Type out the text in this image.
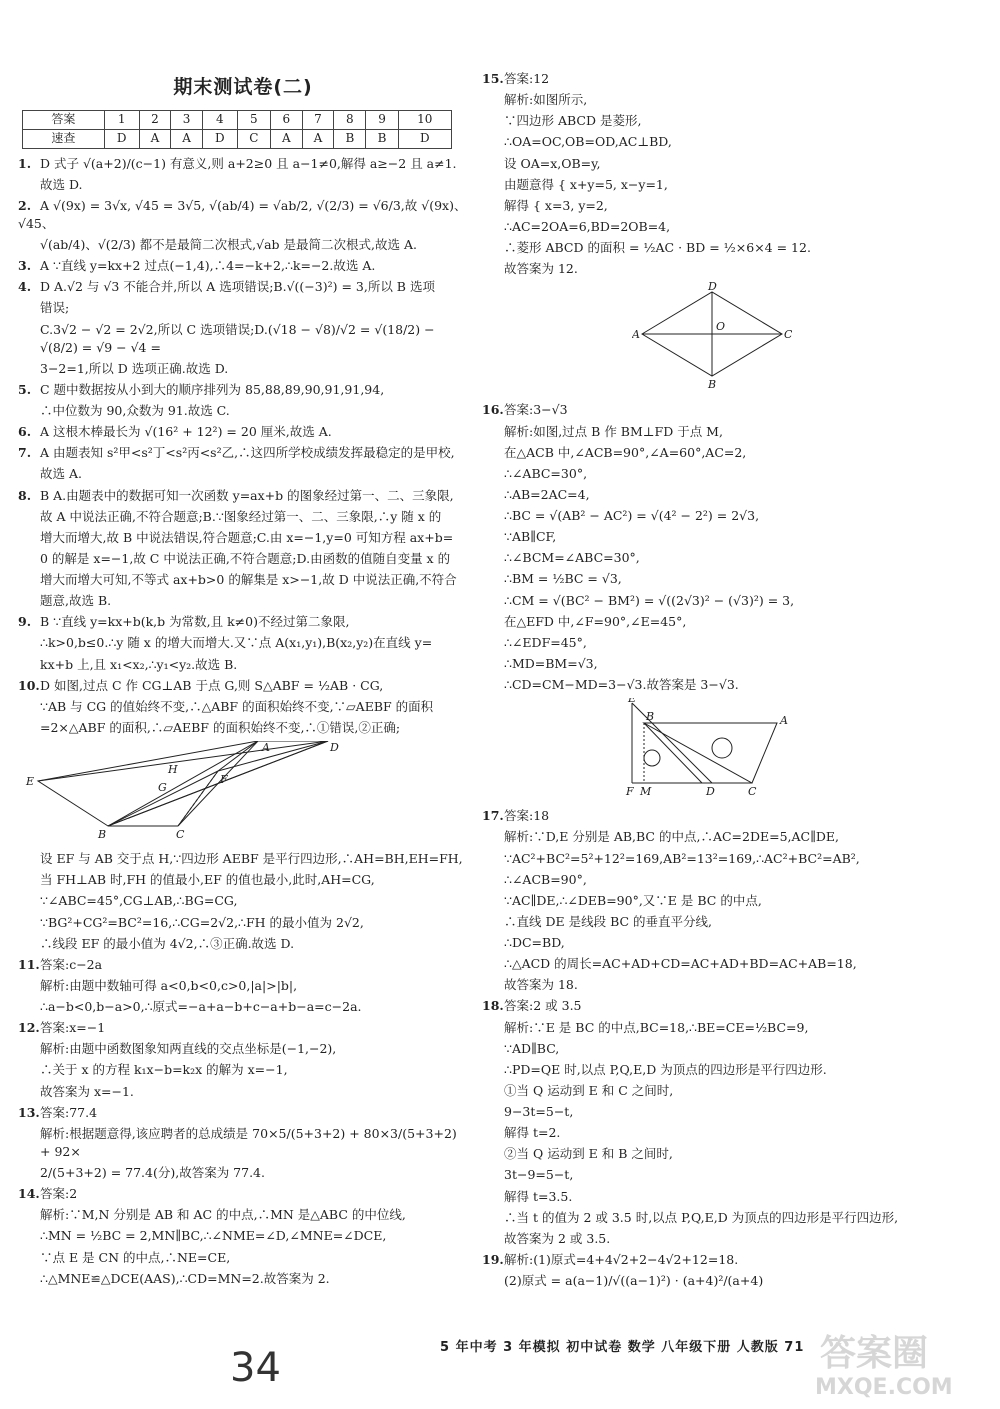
期末测试卷(二)
答案	1	2	3	4	5	6	7	8	9	10
速查	D	A	A	D	C	A	A	B	B	D
1. D 式子 √(a+2)/(c−1) 有意义,则 a+2≥0 且 a−1≠0,解得 a≥−2 且 a≠1.
故选 D.
2. A √(9x) = 3√x, √45 = 3√5, √(ab/4) = √ab/2, √(2/3) = √6/3,故 √(9x)、√45、
√(ab/4)、√(2/3) 都不是最简二次根式,√ab 是最简二次根式,故选 A.
3. A ∵直线 y=kx+2 过点(−1,4),∴4=−k+2,∴k=−2.故选 A.
4. D A.√2 与 √3 不能合并,所以 A 选项错误;B.√((−3)²) = 3,所以 B 选项
错误;
C.3√2 − √2 = 2√2,所以 C 选项错误;D.(√18 − √8)/√2 = √(18/2) − √(8/2) = √9 − √4 =
3−2=1,所以 D 选项正确.故选 D.
5. C 题中数据按从小到大的顺序排列为 85,88,89,90,91,91,94,
∴中位数为 90,众数为 91.故选 C.
6. A 这根木棒最长为 √(16² + 12²) = 20 厘米,故选 A.
7. A 由题表知 s²甲<s²丁<s²丙<s²乙,∴这四所学校成绩发挥最稳定的是甲校,
故选 A.
8. B A.由题表中的数据可知一次函数 y=ax+b 的图象经过第一、二、三象限,
故 A 中说法正确,不符合题意;B.∵图象经过第一、二、三象限,∴y 随 x 的
增大而增大,故 B 中说法错误,符合题意;C.由 x=−1,y=0 可知方程 ax+b=
0 的解是 x=−1,故 C 中说法正确,不符合题意;D.由函数的值随自变量 x 的
增大而增大可知,不等式 ax+b>0 的解集是 x>−1,故 D 中说法正确,不符合
题意,故选 B.
9. B ∵直线 y=kx+b(k,b 为常数,且 k≠0)不经过第二象限,
∴k>0,b≤0.∴y 随 x 的增大而增大.又∵点 A(x₁,y₁),B(x₂,y₂)在直线 y=
kx+b 上,且 x₁<x₂,∴y₁<y₂.故选 B.
10.D 如图,过点 C 作 CG⊥AB 于点 G,则 S△ABF = ½AB · CG,
∵AB 与 CG 的值始终不变,∴△ABF 的面积始终不变,∵▱AEBF 的面积
=2×△ABF 的面积,∴▱AEBF 的面积始终不变,∴①错误,②正确;
E
A	D
B	C
F
H
G
设 EF 与 AB 交于点 H,∵四边形 AEBF 是平行四边形,∴AH=BH,EH=FH,
当 FH⊥AB 时,FH 的值最小,EF 的值也最小,此时,AH=CG,
∵∠ABC=45°,CG⊥AB,∴BG=CG,
∵BG²+CG²=BC²=16,∴CG=2√2,∴FH 的最小值为 2√2,
∴线段 EF 的最小值为 4√2,∴③正确.故选 D.
11.答案:c−2a
解析:由题中数轴可得 a<0,b<0,c>0,|a|>|b|,
∴a−b<0,b−a>0,∴原式=−a+a−b+c−a+b−a=c−2a.
12.答案:x=−1
解析:由题中函数图象知两直线的交点坐标是(−1,−2),
∴关于 x 的方程 k₁x−b=k₂x 的解为 x=−1,
故答案为 x=−1.
13.答案:77.4
解析:根据题意得,该应聘者的总成绩是 70×5/(5+3+2) + 80×3/(5+3+2) + 92×
2/(5+3+2) = 77.4(分),故答案为 77.4.
14.答案:2
解析:∵M,N 分别是 AB 和 AC 的中点,∴MN 是△ABC 的中位线,
∴MN = ½BC = 2,MN∥BC,∴∠NME=∠D,∠MNE=∠DCE,
∵点 E 是 CN 的中点,∴NE=CE,
∴△MNE≌△DCE(AAS),∴CD=MN=2.故答案为 2.
15.答案:12
解析:如图所示,
∵四边形 ABCD 是菱形,
∴OA=OC,OB=OD,AC⊥BD,
设 OA=x,OB=y,
由题意得 { x+y=5, x−y=1,
解得 { x=3, y=2,
∴AC=2OA=6,BD=2OB=4,
∴菱形 ABCD 的面积 = ½AC · BD = ½×6×4 = 12.
故答案为 12.
D
A	C
B
O
16.答案:3−√3
解析:如图,过点 B 作 BM⊥FD 于点 M,
在△ACB 中,∠ACB=90°,∠A=60°,AC=2,
∴∠ABC=30°,
∴AB=2AC=4,
∴BC = √(AB² − AC²) = √(4² − 2²) = 2√3,
∵AB∥CF,
∴∠BCM=∠ABC=30°,
∴BM = ½BC = √3,
∴CM = √(BC² − BM²) = √((2√3)² − (√3)²) = 3,
在△EFD 中,∠F=90°,∠E=45°,
∴∠EDF=45°,
∴MD=BM=√3,
∴CD=CM−MD=3−√3.故答案是 3−√3.
E
B	A
F M	D	C
17.答案:18
解析:∵D,E 分别是 AB,BC 的中点,∴AC=2DE=5,AC∥DE,
∵AC²+BC²=5²+12²=169,AB²=13²=169,∴AC²+BC²=AB²,
∴∠ACB=90°,
∵AC∥DE,∴∠DEB=90°,又∵E 是 BC 的中点,
∴直线 DE 是线段 BC 的垂直平分线,
∴DC=BD,
∴△ACD 的周长=AC+AD+CD=AC+AD+BD=AC+AB=18,
故答案为 18.
18.答案:2 或 3.5
解析:∵E 是 BC 的中点,BC=18,∴BE=CE=½BC=9,
∵AD∥BC,
∴PD=QE 时,以点 P,Q,E,D 为顶点的四边形是平行四边形.
①当 Q 运动到 E 和 C 之间时,
9−3t=5−t,
解得 t=2.
②当 Q 运动到 E 和 B 之间时,
3t−9=5−t,
解得 t=3.5.
∴当 t 的值为 2 或 3.5 时,以点 P,Q,E,D 为顶点的四边形是平行四边形,
故答案为 2 或 3.5.
19.解析:(1)原式=4+4√2+2−4√2+12=18.
(2)原式 = a(a−1)/√((a−1)²) · (a+4)²/(a+4)
34	5 年中考 3 年模拟 初中试卷 数学 八年级下册 人教版 71 答案圈
MXQE.COM
